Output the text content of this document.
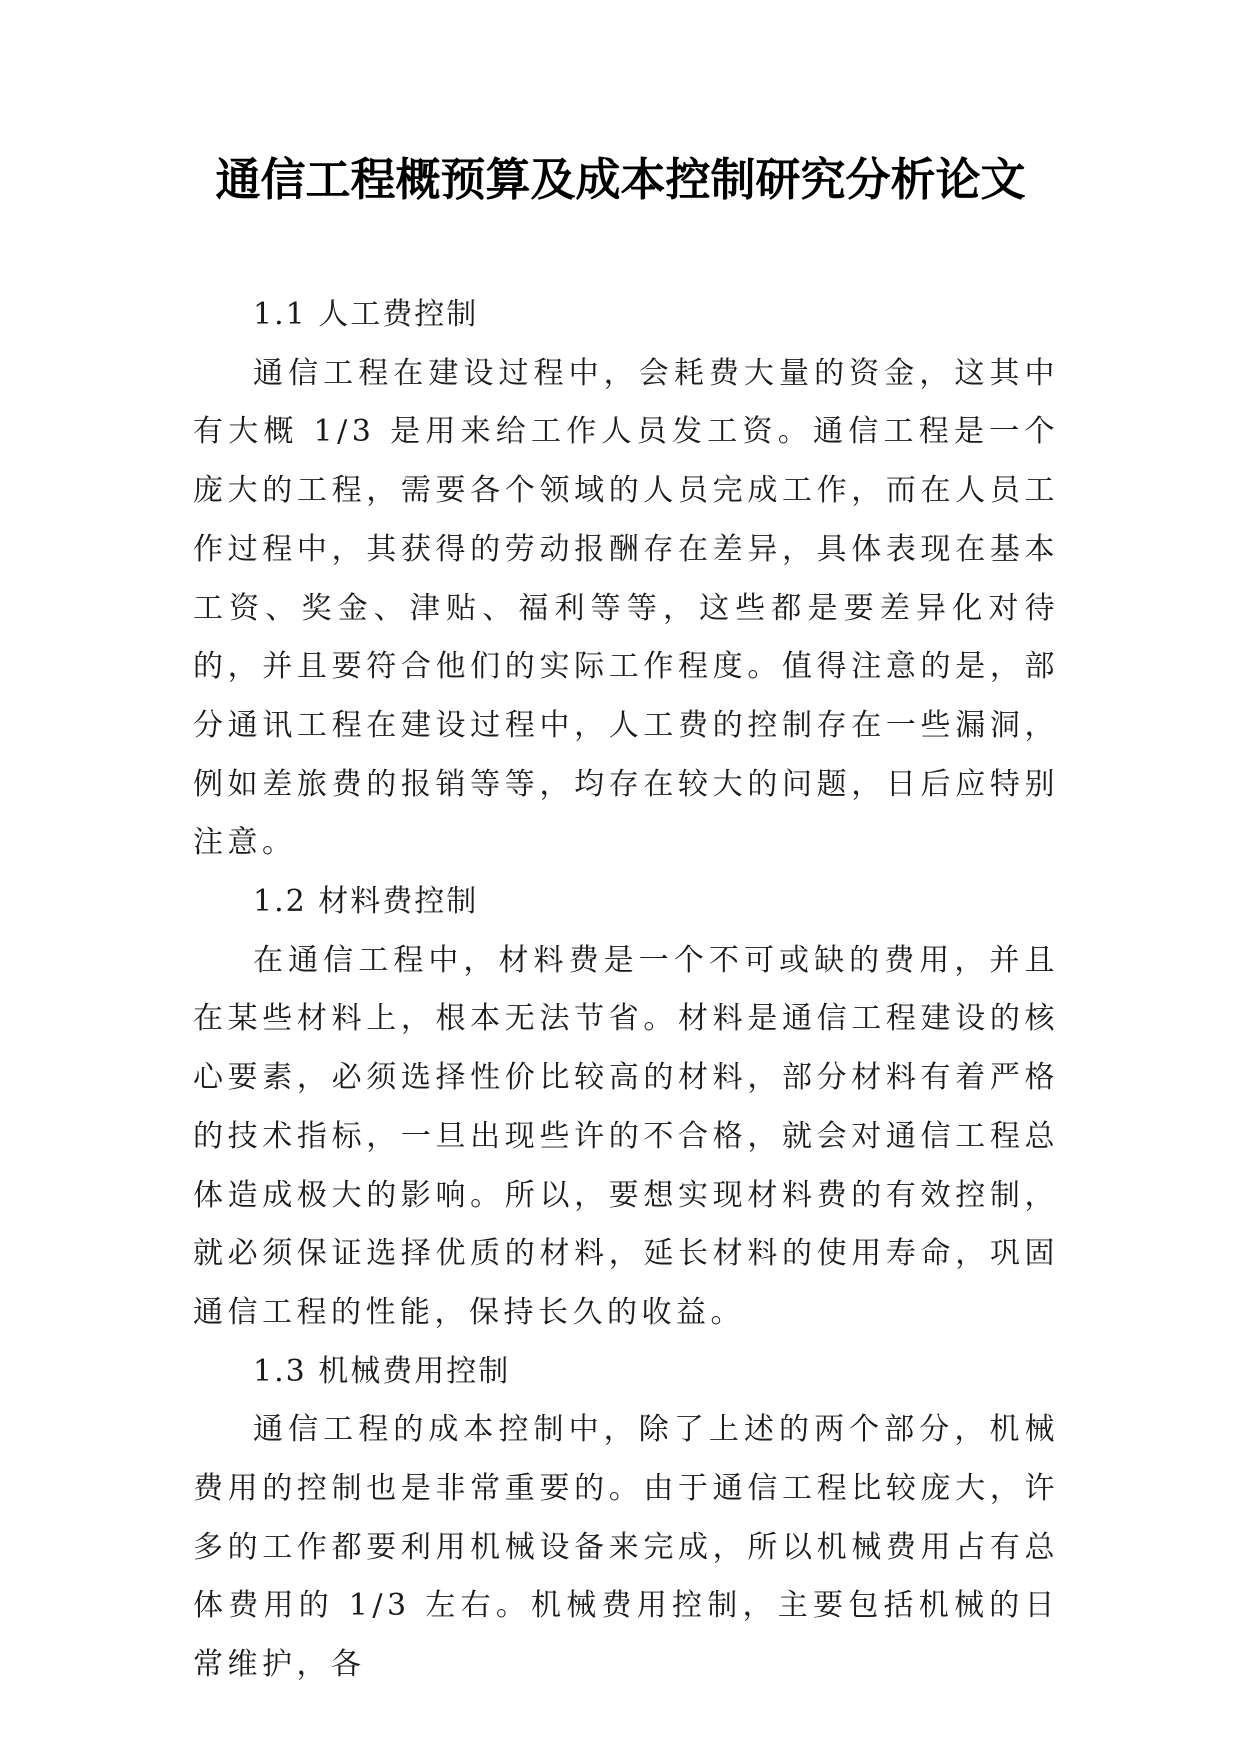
通信工程概预算及成本控制研究分析论文
1.1 人工费控制

通信工程在建设过程中，会耗费大量的资金，这其中有大概 1/3 是用来给工作人员发工资。通信工程是一个庞大的工程，需要各个领域的人员完成工作，而在人员工作过程中，其获得的劳动报酬存在差异，具体表现在基本工资、奖金、津贴、福利等等，这些都是要差异化对待的，并且要符合他们的实际工作程度。值得注意的是，部分通讯工程在建设过程中，人工费的控制存在一些漏洞，例如差旅费的报销等等，均存在较大的问题，日后应特别注意。

1.2 材料费控制

在通信工程中，材料费是一个不可或缺的费用，并且在某些材料上，根本无法节省。材料是通信工程建设的核心要素，必须选择性价比较高的材料，部分材料有着严格的技术指标，一旦出现些许的不合格，就会对通信工程总体造成极大的影响。所以，要想实现材料费的有效控制，就必须保证选择优质的材料，延长材料的使用寿命，巩固通信工程的性能，保持长久的收益。

1.3 机械费用控制

通信工程的成本控制中，除了上述的两个部分，机械费用的控制也是非常重要的。由于通信工程比较庞大，许多的工作都要利用机械设备来完成，所以机械费用占有总体费用的 1/3 左右。机械费用控制，主要包括机械的日常维护，各
